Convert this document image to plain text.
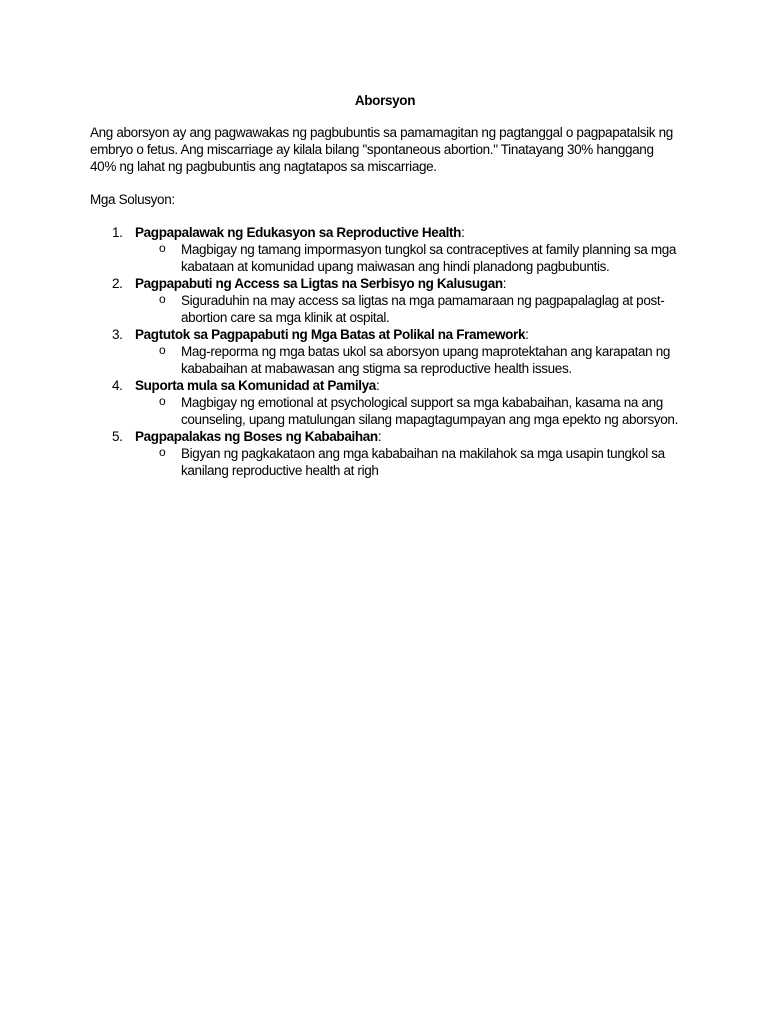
Aborsyon
Ang aborsyon ay ang pagwawakas ng pagbubuntis sa pamamagitan ng pagtanggal o pagpapatalsik ng embryo o fetus. Ang miscarriage ay kilala bilang "spontaneous abortion." Tinatayang 30% hanggang 40% ng lahat ng pagbubuntis ang nagtatapos sa miscarriage.
Mga Solusyon:
1. Pagpapalawak ng Edukasyon sa Reproductive Health:
o Magbigay ng tamang impormasyon tungkol sa contraceptives at family planning sa mga kabataan at komunidad upang maiwasan ang hindi planadong pagbubuntis.
2. Pagpapabuti ng Access sa Ligtas na Serbisyo ng Kalusugan:
o Siguraduhin na may access sa ligtas na mga pamamaraan ng pagpapalaglag at post-abortion care sa mga klinik at ospital.
3. Pagtutok sa Pagpapabuti ng Mga Batas at Polikal na Framework:
o Mag-reporma ng mga batas ukol sa aborsyon upang maprotektahan ang karapatan ng kababaihan at mabawasan ang stigma sa reproductive health issues.
4. Suporta mula sa Komunidad at Pamilya:
o Magbigay ng emotional at psychological support sa mga kababaihan, kasama na ang counseling, upang matulungan silang mapagtagumpayan ang mga epekto ng aborsyon.
5. Pagpapalakas ng Boses ng Kababaihan:
o Bigyan ng pagkakataon ang mga kababaihan na makilahok sa mga usapin tungkol sa kanilang reproductive health at righ
